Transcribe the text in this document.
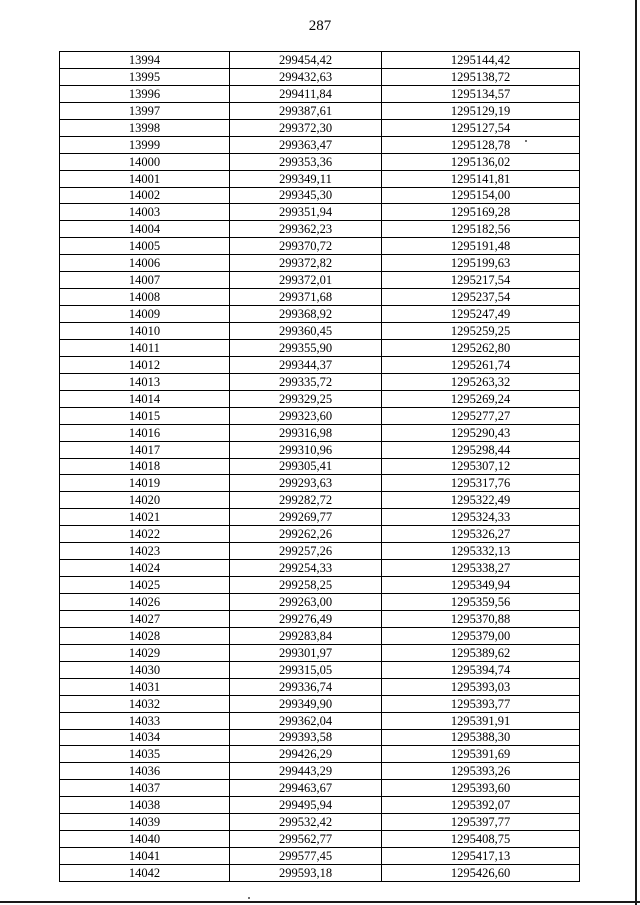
287
13994	299454,42	1295144,42
13995	299432,63	1295138,72
13996	299411,84	1295134,57
13997	299387,61	1295129,19
13998	299372,30	1295127,54
13999	299363,47	1295128,78
14000	299353,36	1295136,02
14001	299349,11	1295141,81
14002	299345,30	1295154,00
14003	299351,94	1295169,28
14004	299362,23	1295182,56
14005	299370,72	1295191,48
14006	299372,82	1295199,63
14007	299372,01	1295217,54
14008	299371,68	1295237,54
14009	299368,92	1295247,49
14010	299360,45	1295259,25
14011	299355,90	1295262,80
14012	299344,37	1295261,74
14013	299335,72	1295263,32
14014	299329,25	1295269,24
14015	299323,60	1295277,27
14016	299316,98	1295290,43
14017	299310,96	1295298,44
14018	299305,41	1295307,12
14019	299293,63	1295317,76
14020	299282,72	1295322,49
14021	299269,77	1295324,33
14022	299262,26	1295326,27
14023	299257,26	1295332,13
14024	299254,33	1295338,27
14025	299258,25	1295349,94
14026	299263,00	1295359,56
14027	299276,49	1295370,88
14028	299283,84	1295379,00
14029	299301,97	1295389,62
14030	299315,05	1295394,74
14031	299336,74	1295393,03
14032	299349,90	1295393,77
14033	299362,04	1295391,91
14034	299393,58	1295388,30
14035	299426,29	1295391,69
14036	299443,29	1295393,26
14037	299463,67	1295393,60
14038	299495,94	1295392,07
14039	299532,42	1295397,77
14040	299562,77	1295408,75
14041	299577,45	1295417,13
14042	299593,18	1295426,60
